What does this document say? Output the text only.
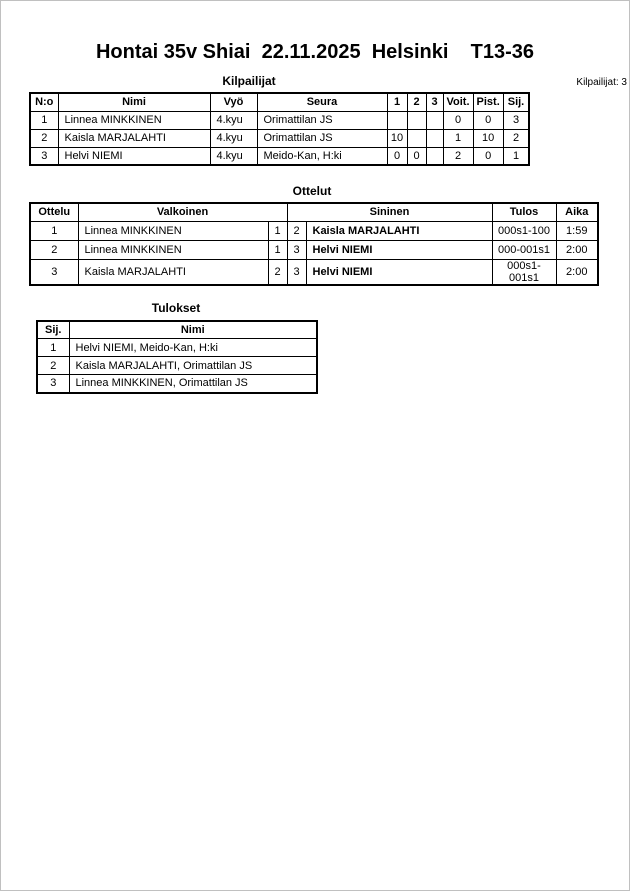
Hontai 35v Shiai  22.11.2025  Helsinki    T13-36
Kilpailijat	Kilpailijat: 3
N:o	Nimi	Vyö	Seura	1	2	3	Voit.	Pist.	Sij.
1	Linnea MINKKINEN	4.kyu	Orimattilan JS				0	0	3
2	Kaisla MARJALAHTI	4.kyu	Orimattilan JS	10			1	10	2
3	Helvi NIEMI	4.kyu	Meido-Kan, H:ki	0	0		2	0	1
Ottelut
Ottelu	Valkoinen		Sininen		Tulos	Aika
1	Linnea MINKKINEN	1	2	Kaisla MARJALAHTI	000s1-100	1:59
2	Linnea MINKKINEN	1	3	Helvi NIEMI	000-001s1	2:00
3	Kaisla MARJALAHTI	2	3	Helvi NIEMI	000s1-001s1	2:00
Tulokset
Sij.	Nimi
1	Helvi NIEMI, Meido-Kan, H:ki
2	Kaisla MARJALAHTI, Orimattilan JS
3	Linnea MINKKINEN, Orimattilan JS
